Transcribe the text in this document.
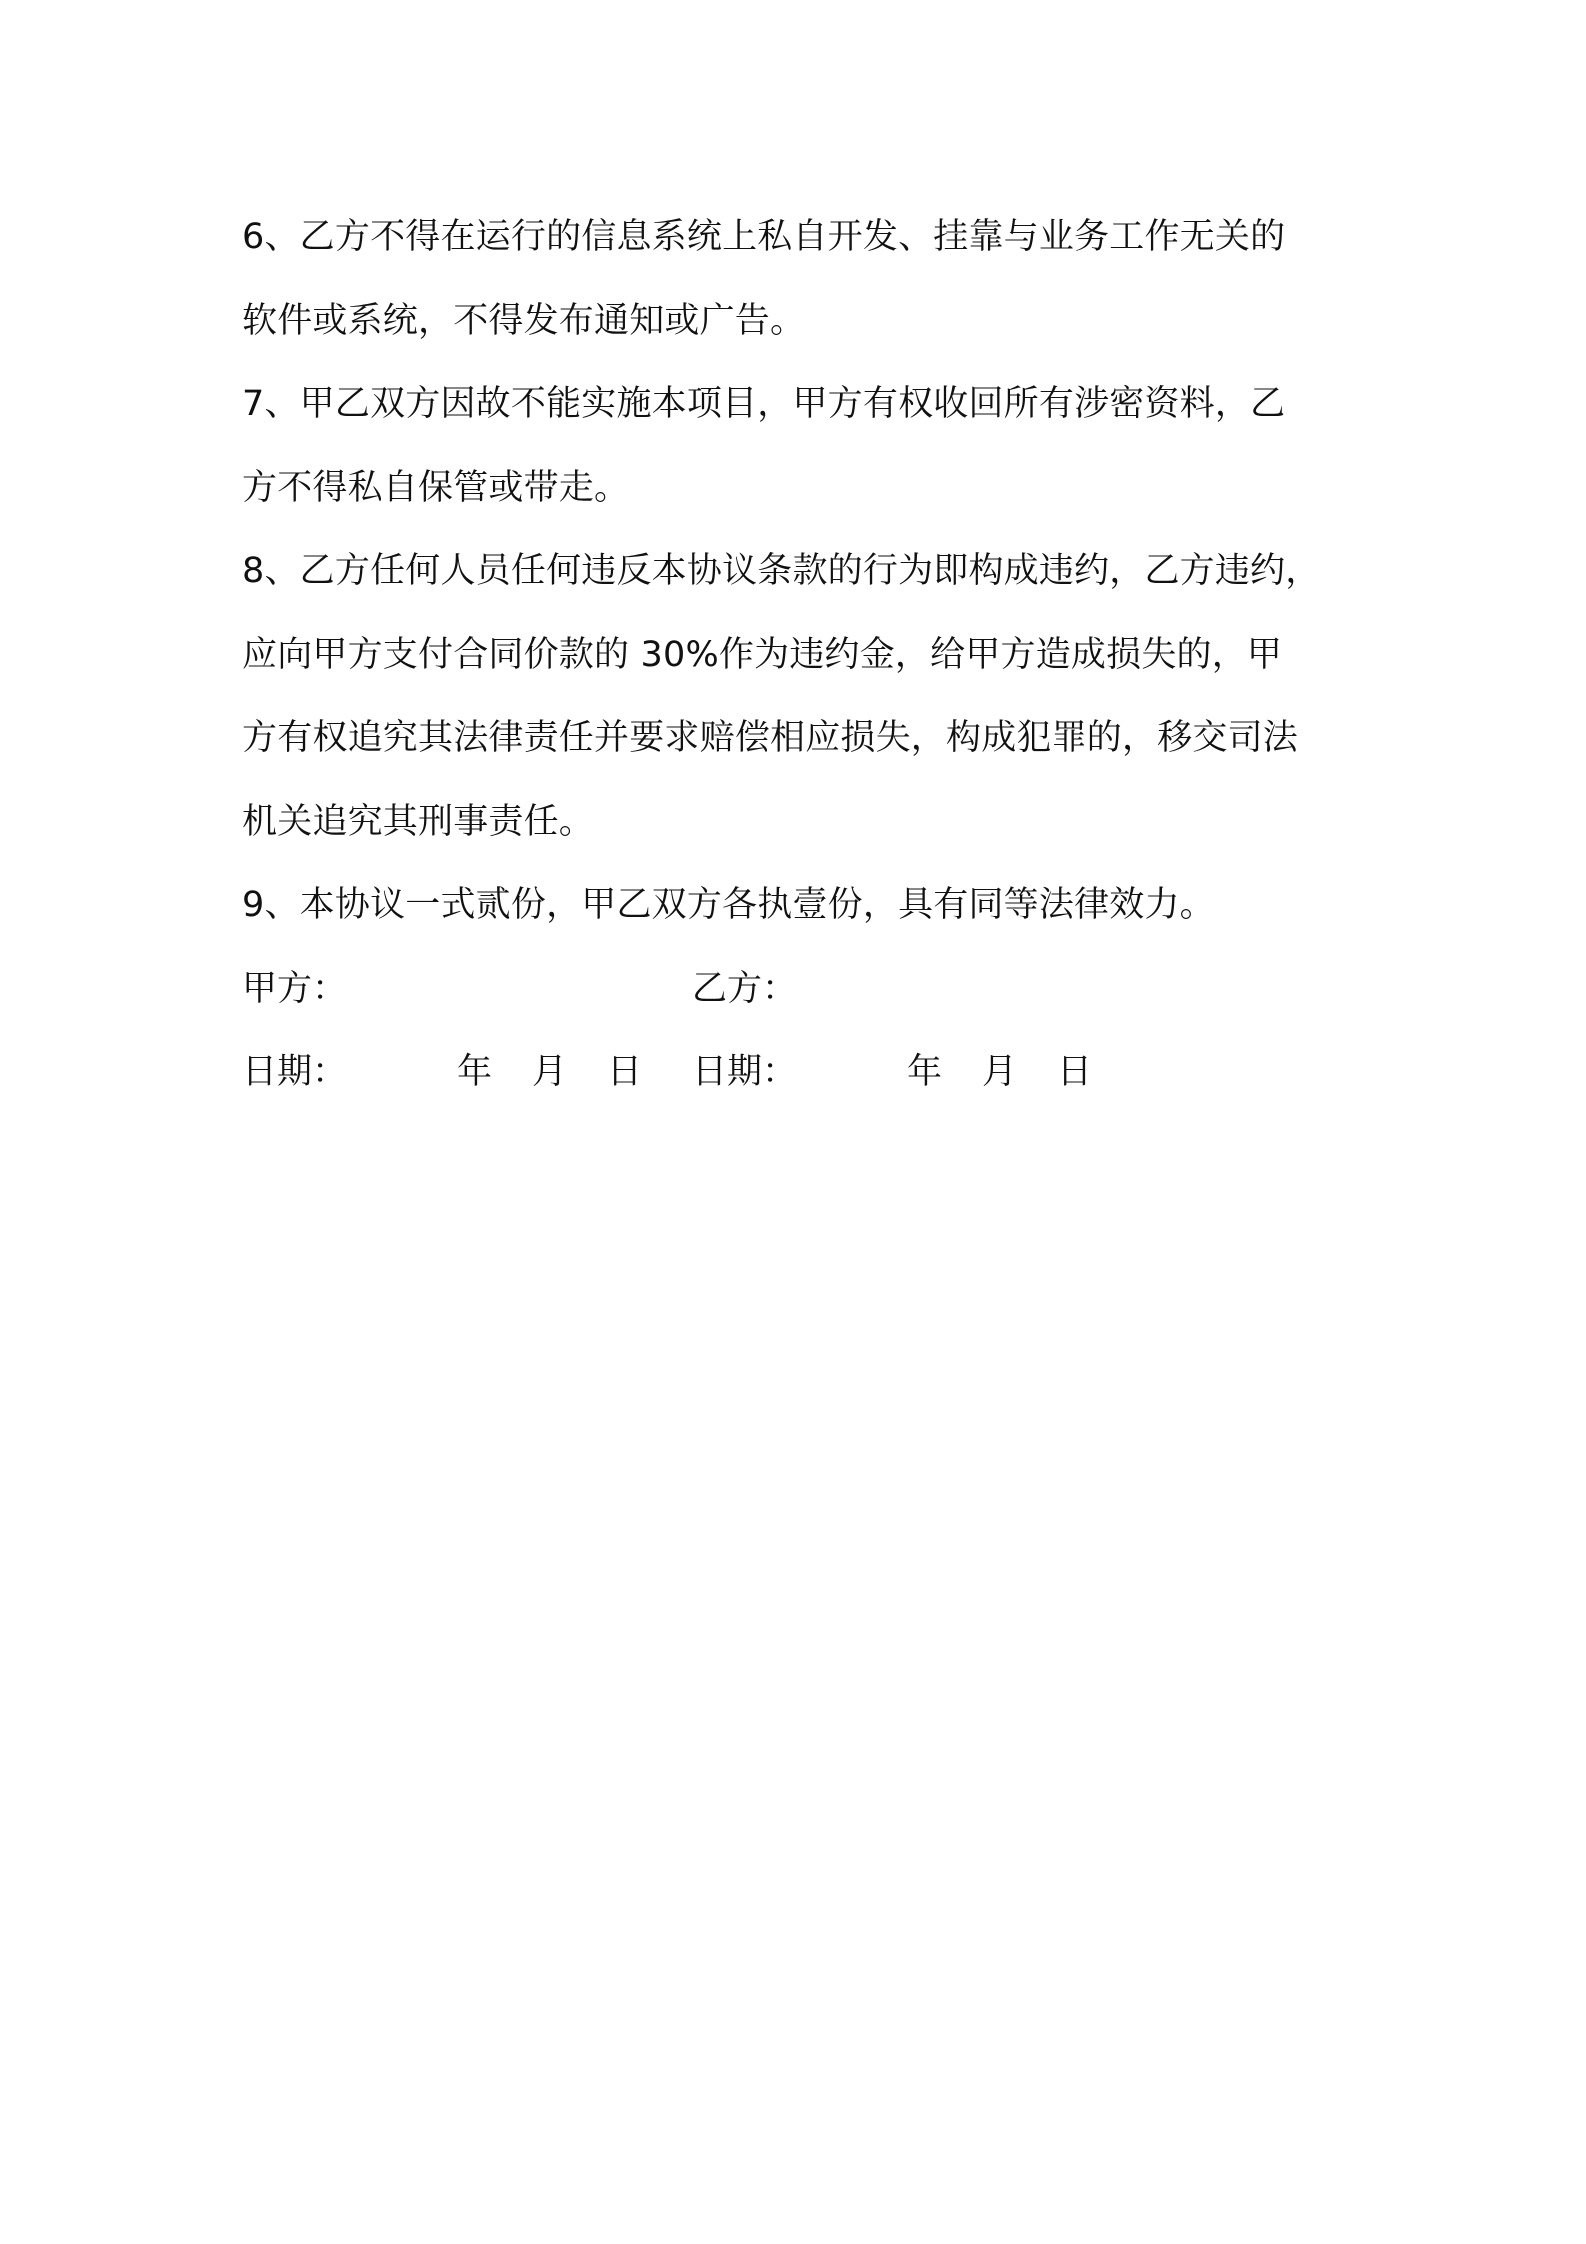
6、乙方不得在运行的信息系统上私自开发、挂靠与业务工作无关的
软件或系统，不得发布通知或广告。
7、甲乙双方因故不能实施本项目，甲方有权收回所有涉密资料，乙
方不得私自保管或带走。
8、乙方任何人员任何违反本协议条款的行为即构成违约，乙方违约，
应向甲方支付合同价款的 30%作为违约金，给甲方造成损失的，甲
方有权追究其法律责任并要求赔偿相应损失，构成犯罪的，移交司法
机关追究其刑事责任。
9、本协议一式贰份，甲乙双方各执壹份，具有同等法律效力。
甲方：	乙方：
日期：	年 月 日 日期：	年 月 日
